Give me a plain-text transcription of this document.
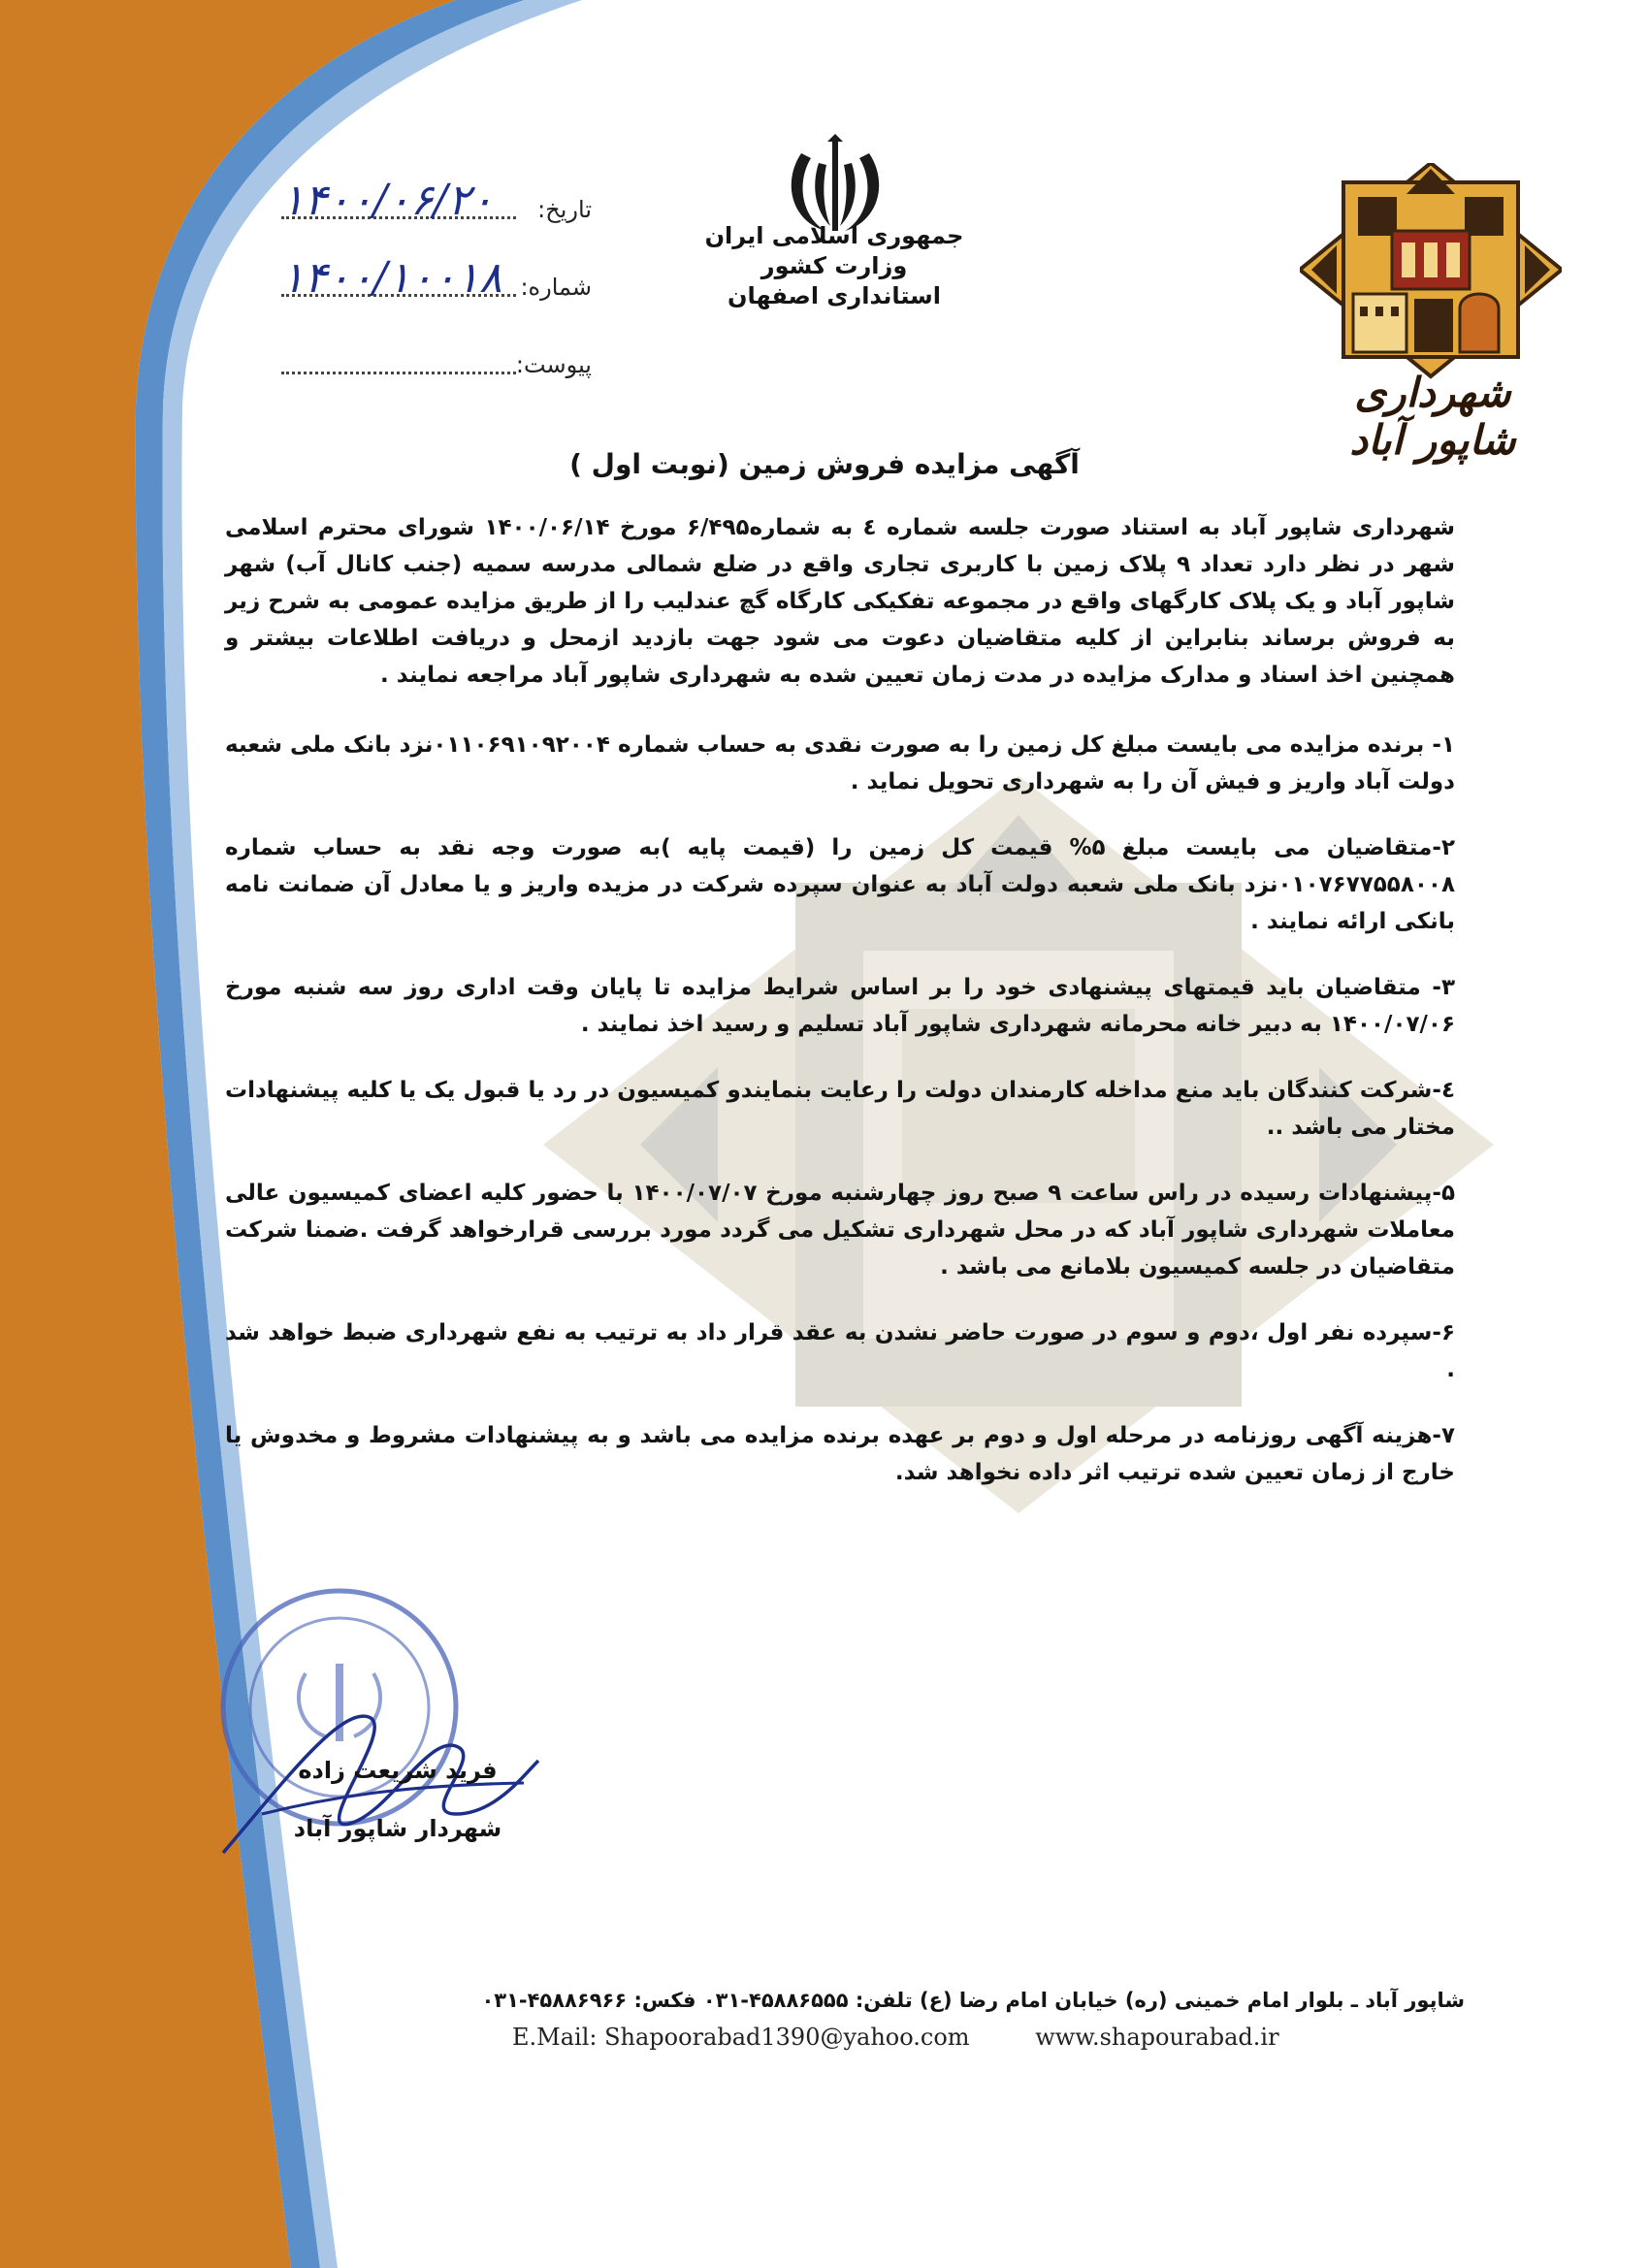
تاریخ:
۱۴۰۰/۰۶/۲۰
شماره:
۱۴۰۰/۱۰۰۱۸
پیوست:
جمهوری اسلامی ایران
وزارت کشور
استانداری اصفهان
شهرداری شاپور آباد
آگهی مزایده فروش زمین (نوبت اول )

شهرداری شاپور آباد به استناد صورت جلسه شماره ٤ به شماره۶/۴۹۵ مورخ ۱۴۰۰/۰۶/۱۴ شورای محترم اسلامی شهر در نظر دارد تعداد ۹ پلاک زمین با کاربری تجاری واقع در ضلع شمالی مدرسه سمیه (جنب کانال آب) شهر شاپور آباد و یک پلاک کارگهای واقع در مجموعه تفکیکی کارگاه گچ عندلیب را از طریق مزایده عمومی به شرح زیر به فروش برساند بنابراین از کلیه متقاضیان دعوت می شود جهت بازدید ازمحل و دریافت اطلاعات بیشتر و همچنین اخذ اسناد و مدارک مزایده در مدت زمان تعیین شده به شهرداری شاپور آباد مراجعه نمایند .

۱- برنده مزایده می بایست مبلغ کل زمین را به صورت نقدی به حساب شماره ۰۱۱۰۶۹۱۰۹۲۰۰۴نزد بانک ملی شعبه دولت آباد واریز و فیش آن را به شهرداری تحویل نماید .

۲-متقاضیان می بایست مبلغ ۵% قیمت کل زمین را (قیمت پایه )به صورت وجه نقد به حساب شماره ۰۱۰۷۶۷۷۵۵۸۰۰۸نزد بانک ملی شعبه دولت آباد به عنوان سپرده شرکت در مزیده واریز و یا معادل آن ضمانت نامه بانکی ارائه نمایند .

۳- متقاضیان باید قیمتهای پیشنهادی خود را بر اساس شرایط مزایده تا پایان وقت اداری روز سه شنبه مورخ ۱۴۰۰/۰۷/۰۶ به دبیر خانه محرمانه شهرداری شاپور آباد تسلیم و رسید اخذ نمایند .

٤-شرکت کنندگان باید منع مداخله کارمندان دولت را رعایت بنمایندو کمیسیون در رد یا قبول یک یا کلیه پیشنهادات مختار می باشد ..

۵-پیشنهادات رسیده در راس ساعت ۹ صبح روز چهارشنبه مورخ ۱۴۰۰/۰۷/۰۷ با حضور کلیه اعضای کمیسیون عالی معاملات شهرداری شاپور آباد که در محل شهرداری تشکیل می گردد مورد بررسی قرارخواهد گرفت .ضمنا شرکت متقاضیان در جلسه کمیسیون بلامانع می باشد .

۶-سپرده نفر اول ،دوم و سوم در صورت حاضر نشدن به عقد قرار داد به ترتیب به نفع شهرداری ضبط خواهد شد .

۷-هزینه آگهی روزنامه در مرحله اول و دوم بر عهده برنده مزایده می باشد و به پیشنهادات مشروط و مخدوش یا خارج از زمان تعیین شده ترتیب اثر داده نخواهد شد.

فرید شریعت زاده
شهردار شاپور آباد
شاپور آباد ـ بلوار امام خمینی (ره) خیابان امام رضا (ع) تلفن: ۴۵۸۸۶۵۵۵-۰۳۱ فکس: ۴۵۸۸۶۹۶۶-۰۳۱
E.Mail: Shapoorabad1390@yahoo.com	www.shapourabad.ir
